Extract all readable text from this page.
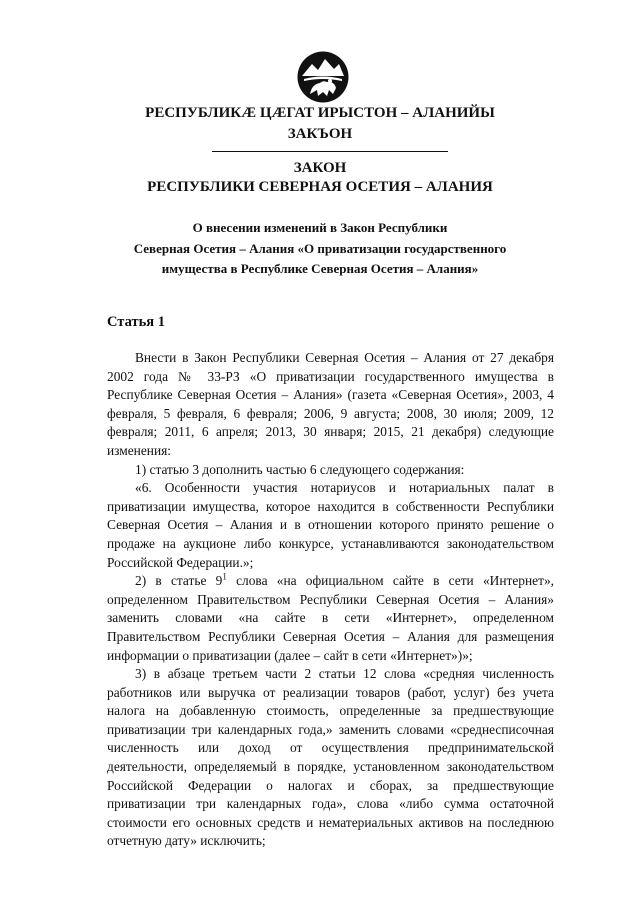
РЕСПУБЛИКÆ ЦÆГАТ ИРЫСТОН – АЛАНИЙЫ
ЗАКЪОН
ЗАКОН
РЕСПУБЛИКИ СЕВЕРНАЯ ОСЕТИЯ – АЛАНИЯ
О внесении изменений в Закон Республики
Северная Осетия – Алания «О приватизации государственного
имущества в Республике Северная Осетия – Алания»
Статья 1

Внести в Закон Республики Северная Осетия – Алания от 27 декабря 2002 года № 33-РЗ «О приватизации государственного имущества в Республике Северная Осетия – Алания» (газета «Северная Осетия», 2003, 4 февраля, 5 февраля, 6 февраля; 2006, 9 августа; 2008, 30 июля; 2009, 12 февраля; 2011, 6 апреля; 2013, 30 января; 2015, 21 декабря) следующие изменения:

1) статью 3 дополнить частью 6 следующего содержания:

«6. Особенности участия нотариусов и нотариальных палат в приватизации имущества, которое находится в собственности Республики Северная Осетия – Алания и в отношении которого принято решение о продаже на аукционе либо конкурсе, устанавливаются законодательством Российской Федерации.»;

2) в статье $9^1$ слова «на официальном сайте в сети «Интернет», определенном Правительством Республики Северная Осетия – Алания» заменить словами «на сайте в сети «Интернет», определенном Правительством Республики Северная Осетия – Алания для размещения информации о приватизации (далее – сайт в сети «Интернет»)»;

3) в абзаце третьем части 2 статьи 12 слова «средняя численность работников или выручка от реализации товаров (работ, услуг) без учета налога на добавленную стоимость, определенные за предшествующие приватизации три календарных года,» заменить словами «среднесписочная численность или доход от осуществления предпринимательской деятельности, определяемый в порядке, установленном законодательством Российской Федерации о налогах и сборах, за предшествующие приватизации три календарных года», слова «либо сумма остаточной стоимости его основных средств и нематериальных активов на последнюю отчетную дату» исключить;
